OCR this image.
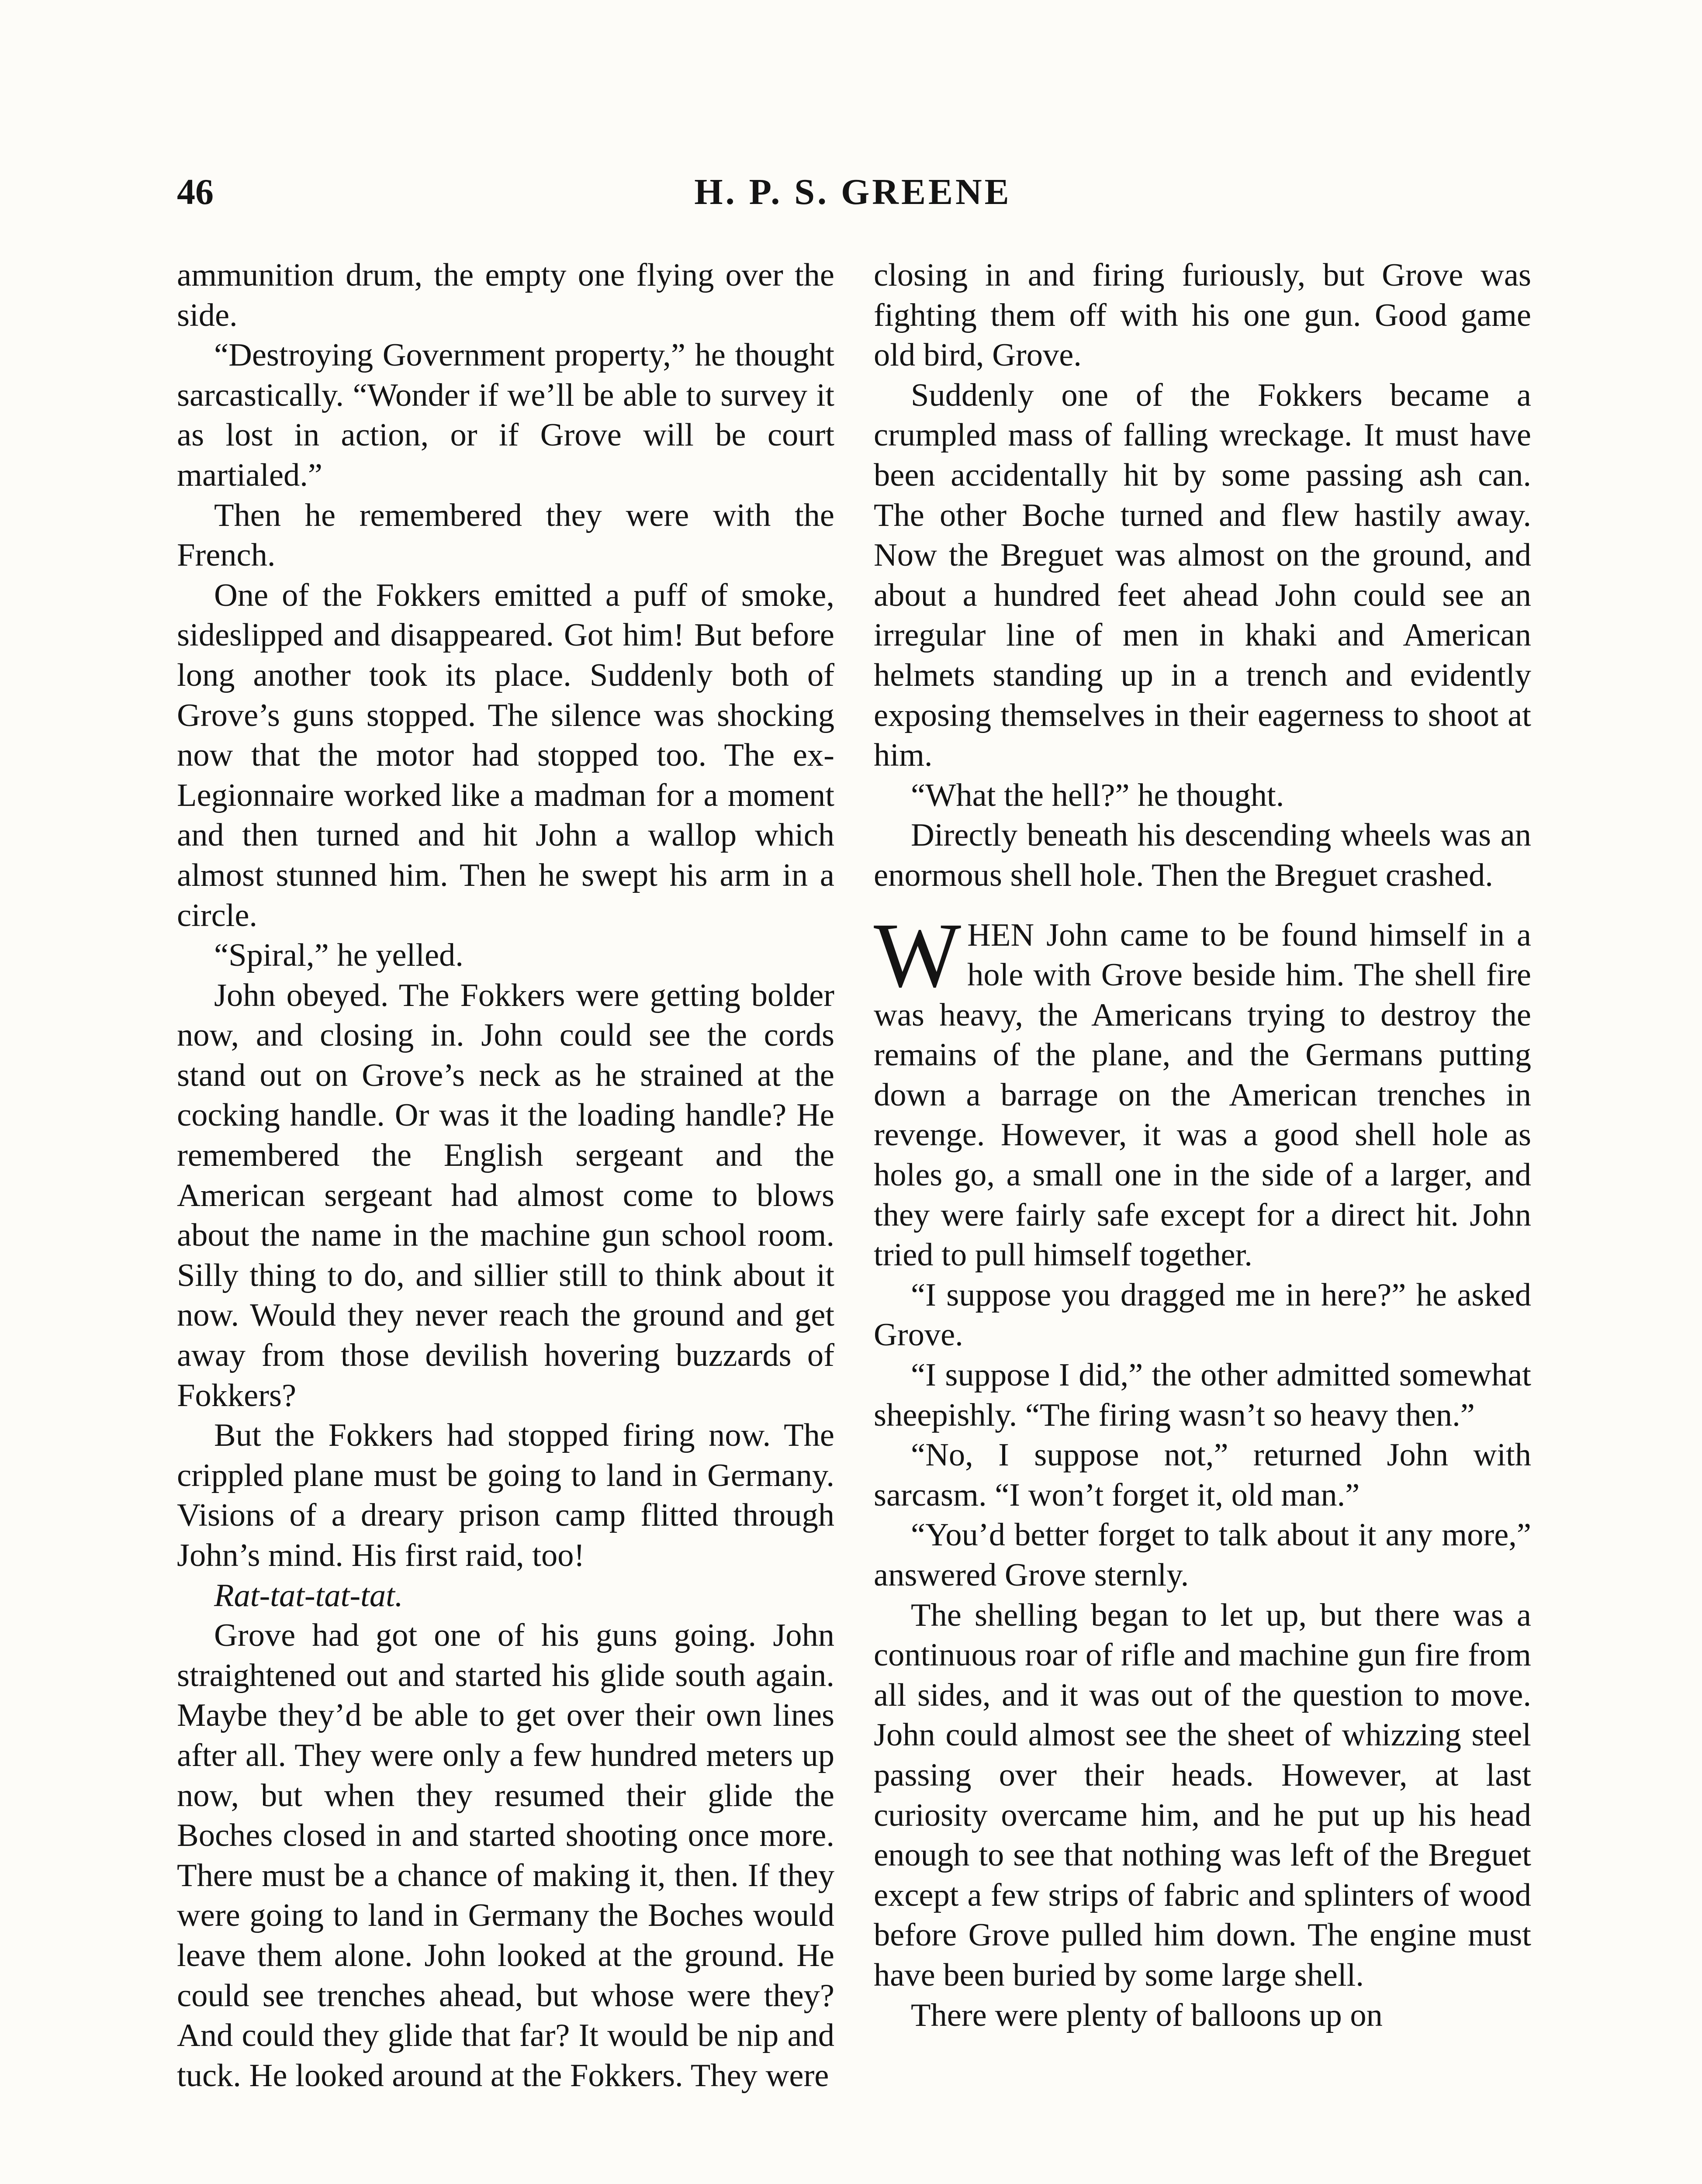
46	H. P. S. GREENE

ammunition drum, the empty one flying over the side.

“Destroying Government property,” he thought sarcastically. “Wonder if we’ll be able to survey it as lost in action, or if Grove will be court martialed.”

Then he remembered they were with the French.

One of the Fokkers emitted a puff of smoke, sideslipped and disappeared. Got him! But before long another took its place. Suddenly both of Grove’s guns stopped. The silence was shocking now that the motor had stopped too. The ex-Legionnaire worked like a madman for a moment and then turned and hit John a wallop which almost stunned him. Then he swept his arm in a circle.

“Spiral,” he yelled.

John obeyed. The Fokkers were getting bolder now, and closing in. John could see the cords stand out on Grove’s neck as he strained at the cocking handle. Or was it the loading handle? He remembered the English sergeant and the American sergeant had almost come to blows about the name in the machine gun school room. Silly thing to do, and sillier still to think about it now. Would they never reach the ground and get away from those devilish hovering buzzards of Fokkers?

But the Fokkers had stopped firing now. The crippled plane must be going to land in Germany. Visions of a dreary prison camp flitted through John’s mind. His first raid, too!

Rat-tat-tat-tat.

Grove had got one of his guns going. John straightened out and started his glide south again. Maybe they’d be able to get over their own lines after all. They were only a few hundred meters up now, but when they resumed their glide the Boches closed in and started shooting once more. There must be a chance of making it, then. If they were going to land in Germany the Boches would leave them alone. John looked at the ground. He could see trenches ahead, but whose were they? And could they glide that far? It would be nip and tuck. He looked around at the Fokkers. They were

closing in and firing furiously, but Grove was fighting them off with his one gun. Good game old bird, Grove.

Suddenly one of the Fokkers became a crumpled mass of falling wreckage. It must have been accidentally hit by some passing ash can. The other Boche turned and flew hastily away. Now the Breguet was almost on the ground, and about a hundred feet ahead John could see an irregular line of men in khaki and American helmets standing up in a trench and evidently exposing themselves in their eagerness to shoot at him.

“What the hell?” he thought.

Directly beneath his descending wheels was an enormous shell hole. Then the Breguet crashed.

WHEN John came to be found himself in a hole with Grove beside him. The shell fire was heavy, the Americans trying to destroy the remains of the plane, and the Germans putting down a barrage on the American trenches in revenge. However, it was a good shell hole as holes go, a small one in the side of a larger, and they were fairly safe except for a direct hit. John tried to pull himself together.

“I suppose you dragged me in here?” he asked Grove.

“I suppose I did,” the other admitted somewhat sheepishly. “The firing wasn’t so heavy then.”

“No, I suppose not,” returned John with sarcasm. “I won’t forget it, old man.”

“You’d better forget to talk about it any more,” answered Grove sternly.

The shelling began to let up, but there was a continuous roar of rifle and machine gun fire from all sides, and it was out of the question to move. John could almost see the sheet of whizzing steel passing over their heads. However, at last curiosity overcame him, and he put up his head enough to see that nothing was left of the Breguet except a few strips of fabric and splinters of wood before Grove pulled him down. The engine must have been buried by some large shell.

There were plenty of balloons up on
